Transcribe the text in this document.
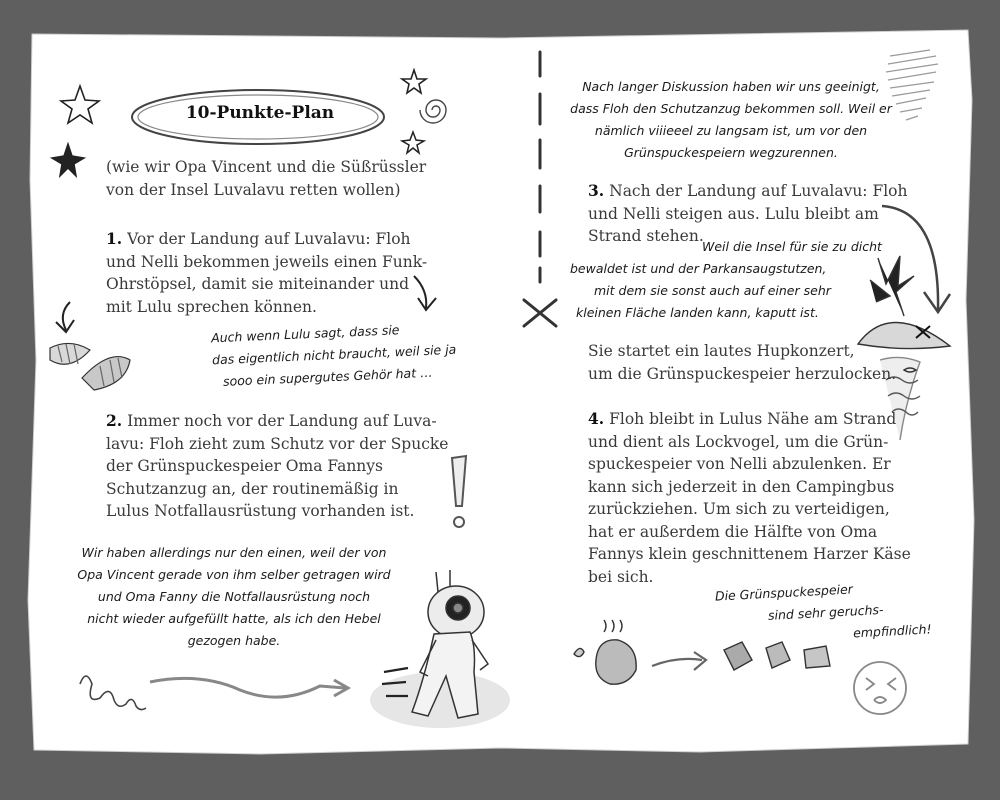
10-Punkte-Plan
(wie wir Opa Vincent und die Süßrüssler
von der Insel Luvalavu retten wollen)
1. Vor der Landung auf Luvalavu: Floh
und Nelli bekommen jeweils einen Funk-
Ohrstöpsel, damit sie miteinander und
mit Lulu sprechen können.
Auch wenn Lulu sagt, dass sie
das eigentlich nicht braucht, weil sie ja
sooo ein supergutes Gehör hat …
2. Immer noch vor der Landung auf Luva-
lavu: Floh zieht zum Schutz vor der Spucke
der Grünspuckespeier Oma Fannys
Schutzanzug an, der routinemäßig in
Lulus Notfallausrüstung vorhanden ist.
Wir haben allerdings nur den einen, weil der von
Opa Vincent gerade von ihm selber getragen wird
und Oma Fanny die Notfallausrüstung noch
nicht wieder aufgefüllt hatte, als ich den Hebel
gezogen habe.
Nach langer Diskussion haben wir uns geeinigt,
dass Floh den Schutzanzug bekommen soll. Weil er
nämlich viiieeel zu langsam ist, um vor den
Grünspuckespeiern wegzurennen.
3. Nach der Landung auf Luvalavu: Floh
und Nelli steigen aus. Lulu bleibt am
Strand stehen.
Weil die Insel für sie zu dicht
bewaldet ist und der Parkansaugstutzen,
mit dem sie sonst auch auf einer sehr
kleinen Fläche landen kann, kaputt ist.
Sie startet ein lautes Hupkonzert,
um die Grünspuckespeier herzulocken.
4. Floh bleibt in Lulus Nähe am Strand
und dient als Lockvogel, um die Grün-
spuckespeier von Nelli abzulenken. Er
kann sich jederzeit in den Campingbus
zurückziehen. Um sich zu verteidigen,
hat er außerdem die Hälfte von Oma
Fannys klein geschnittenem Harzer Käse
bei sich.
Die Grünspuckespeier
sind sehr geruchs-
empfindlich!
